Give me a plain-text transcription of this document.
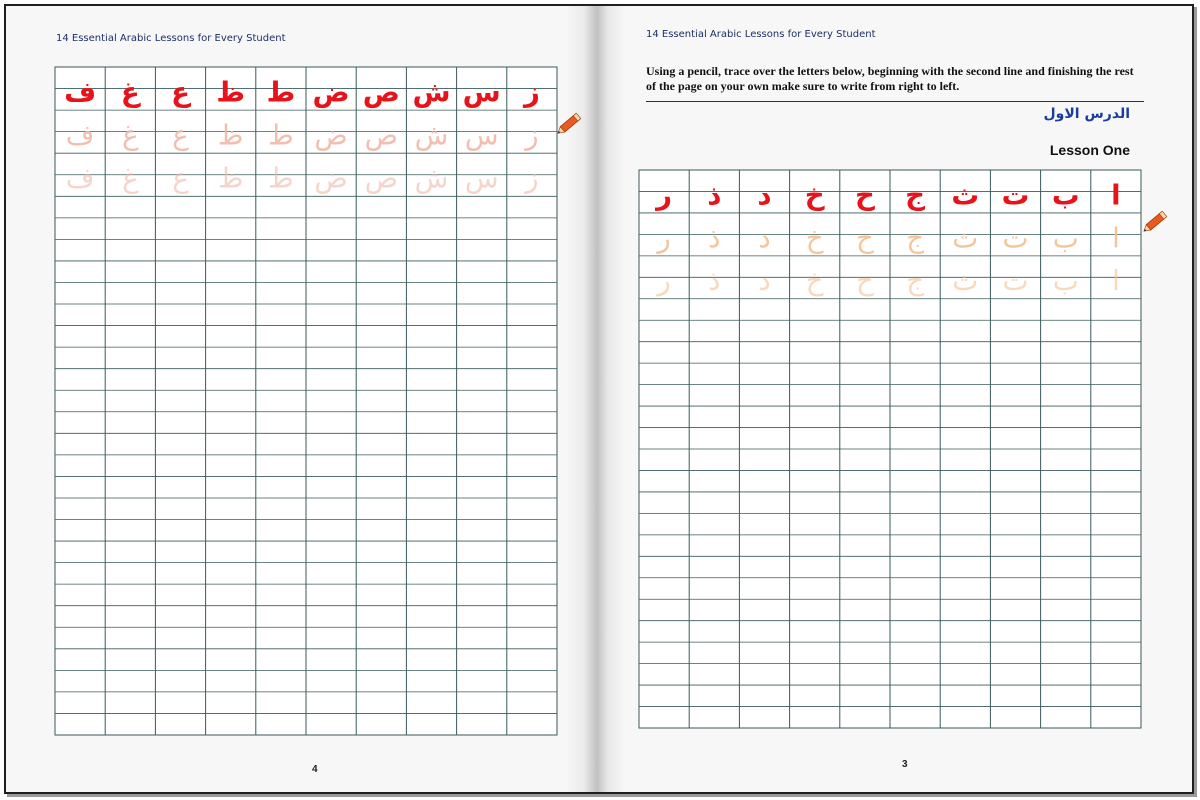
14 Essential Arabic Lessons for Every Student
ز
س
ش
ص
ض
ط
ظ
ع
غ
ف
ز
س
ش
ص
ض
ط
ظ
ع
غ
ف
ز
س
ش
ص
ض
ط
ظ
ع
غ
ف
4
14 Essential Arabic Lessons for Every Student

Using a pencil, trace over the letters below, beginning with the second line and finishing the rest of the page on your own make sure to write from right to left.

الدرس الاول
Lesson One
ا
ب
ت
ث
ج
ح
خ
د
ذ
ر
ا
ب
ت
ث
ج
ح
خ
د
ذ
ر
ا
ب
ت
ث
ج
ح
خ
د
ذ
ر
3
